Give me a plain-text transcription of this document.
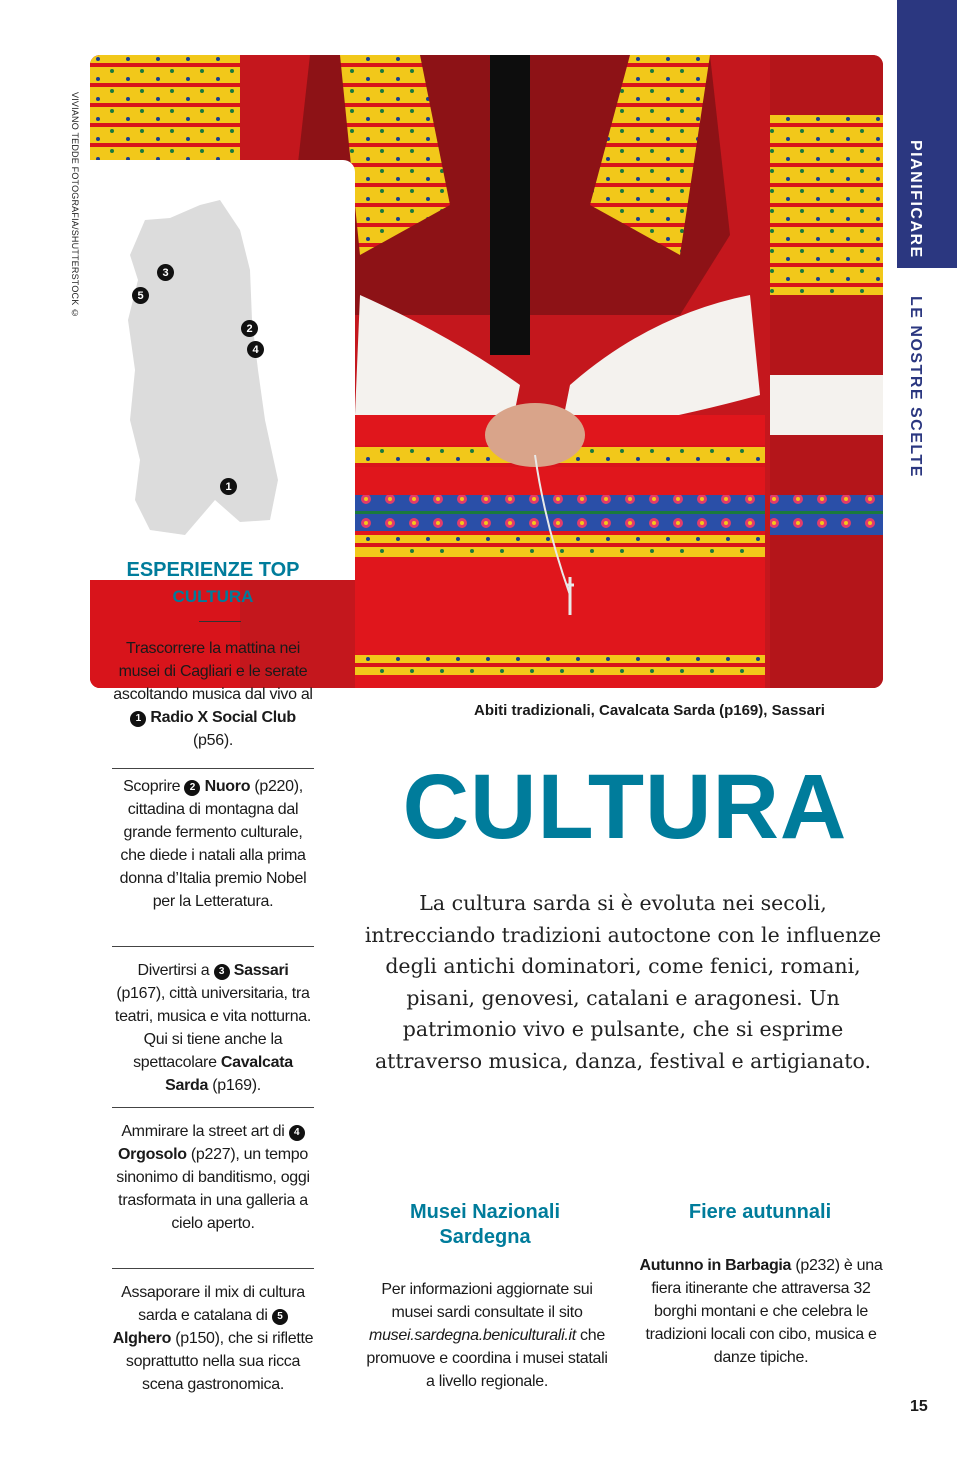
VIVIANO TEDDE FOTOGRAFIA/SHUTTERSTOCK ©	3
5
2
4
1
PIANIFICARE
LE NOSTRE SCELTE
ESPERIENZE TOP
CULTURA
Trascorrere la mattina nei musei di Cagliari e le serate ascoltando musica dal vivo al 1 Radio X Social Club (p56).
Scoprire 2 Nuoro (p220), cittadina di montagna dal grande fermento culturale, che diede i natali alla prima donna d’Italia premio Nobel per la Letteratura.
Divertirsi a 3 Sassari (p167), città universitaria, tra teatri, musica e vita notturna. Qui si tiene anche la spettacolare Cavalcata Sarda (p169).
Ammirare la street art di 4 Orgosolo (p227), un tempo sinonimo di banditismo, oggi trasformata in una galleria a cielo aperto.
Assaporare il mix di cultura sarda e catalana di 5 Alghero (p150), che si riflette soprattutto nella sua ricca scena gastronomica.
Abiti tradizionali, Cavalcata Sarda (p169), Sassari
CULTURA
La cultura sarda si è evoluta nei secoli, intrecciando tradizioni autoctone con le influenze degli antichi dominatori, come fenici, romani, pisani, genovesi, catalani e aragonesi. Un patrimonio vivo e pulsante, che si esprime attraverso musica, danza, festival e artigianato.
Musei Nazionali Sardegna
Per informazioni aggiornate sui musei sardi consultate il sito musei.sardegna.beniculturali.it che promuove e coordina i musei statali a livello regionale.
Fiere autunnali
Autunno in Barbagia (p232) è una fiera itinerante che attraversa 32 borghi montani e che celebra le tradizioni locali con cibo, musica e danze tipiche.
15
